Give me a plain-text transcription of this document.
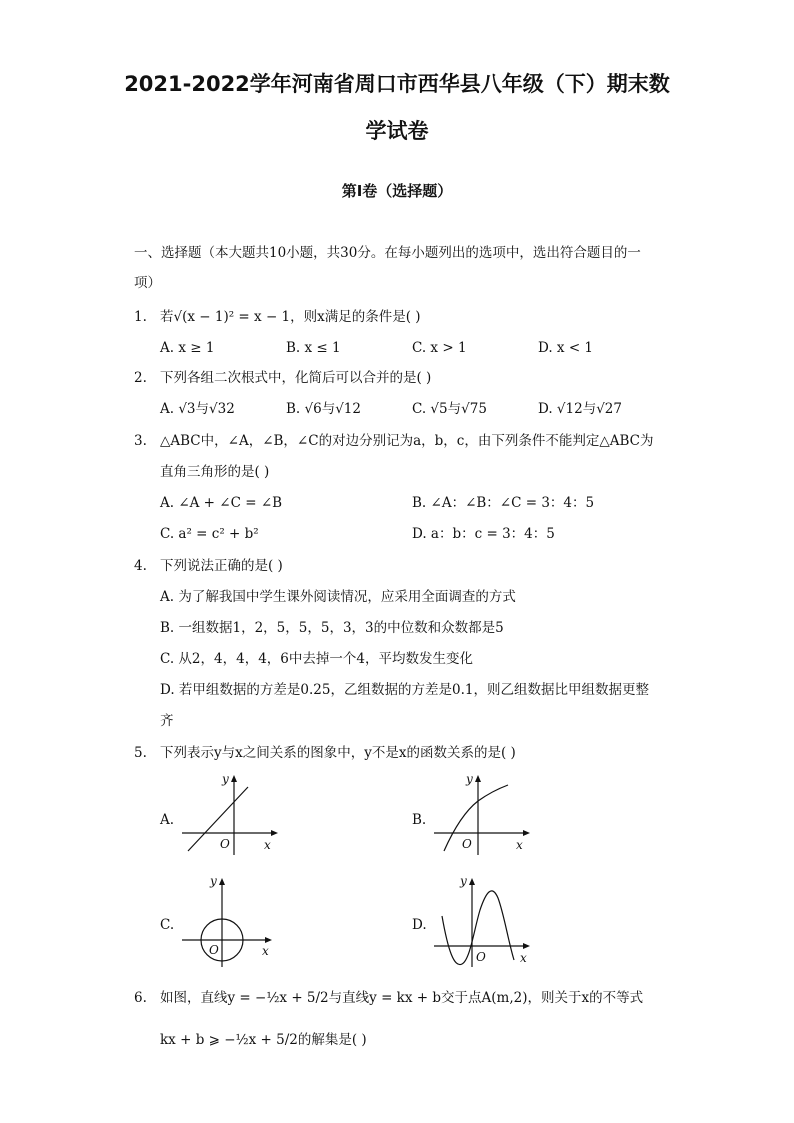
2021-2022学年河南省周口市西华县八年级（下）期末数
学试卷
第I卷（选择题）
一、选择题（本大题共10小题，共30分。在每小题列出的选项中，选出符合题目的一
项）
1. 若√(x − 1)² = x − 1，则x满足的条件是( )
A. x ≥ 1	B. x ≤ 1	C. x > 1	D. x < 1
2. 下列各组二次根式中，化简后可以合并的是( )
A. √3与√32	B. √6与√12	C. √5与√75	D. √12与√27
3. △ABC中，∠A，∠B，∠C的对边分别记为a，b，c，由下列条件不能判定△ABC为
直角三角形的是( )
A. ∠A + ∠C = ∠B	B. ∠A：∠B：∠C = 3：4：5
C. a² = c² + b²	D. a：b：c = 3：4：5
4. 下列说法正确的是( )
A. 为了解我国中学生课外阅读情况，应采用全面调查的方式
B. 一组数据1，2，5，5，5，3，3的中位数和众数都是5
C. 从2，4，4，4，6中去掉一个4，平均数发生变化
D. 若甲组数据的方差是0.25，乙组数据的方差是0.1，则乙组数据比甲组数据更整
齐
5. 下列表示y与x之间关系的图象中，y不是x的函数关系的是( )
A.	B.
C.	D.
x
y
O	x
y
O
x
y
O
x
y
O
6. 如图，直线y = −½x + 5/2与直线y = kx + b交于点A(m,2)，则关于x的不等式
kx + b ⩾ −½x + 5/2的解集是( )
